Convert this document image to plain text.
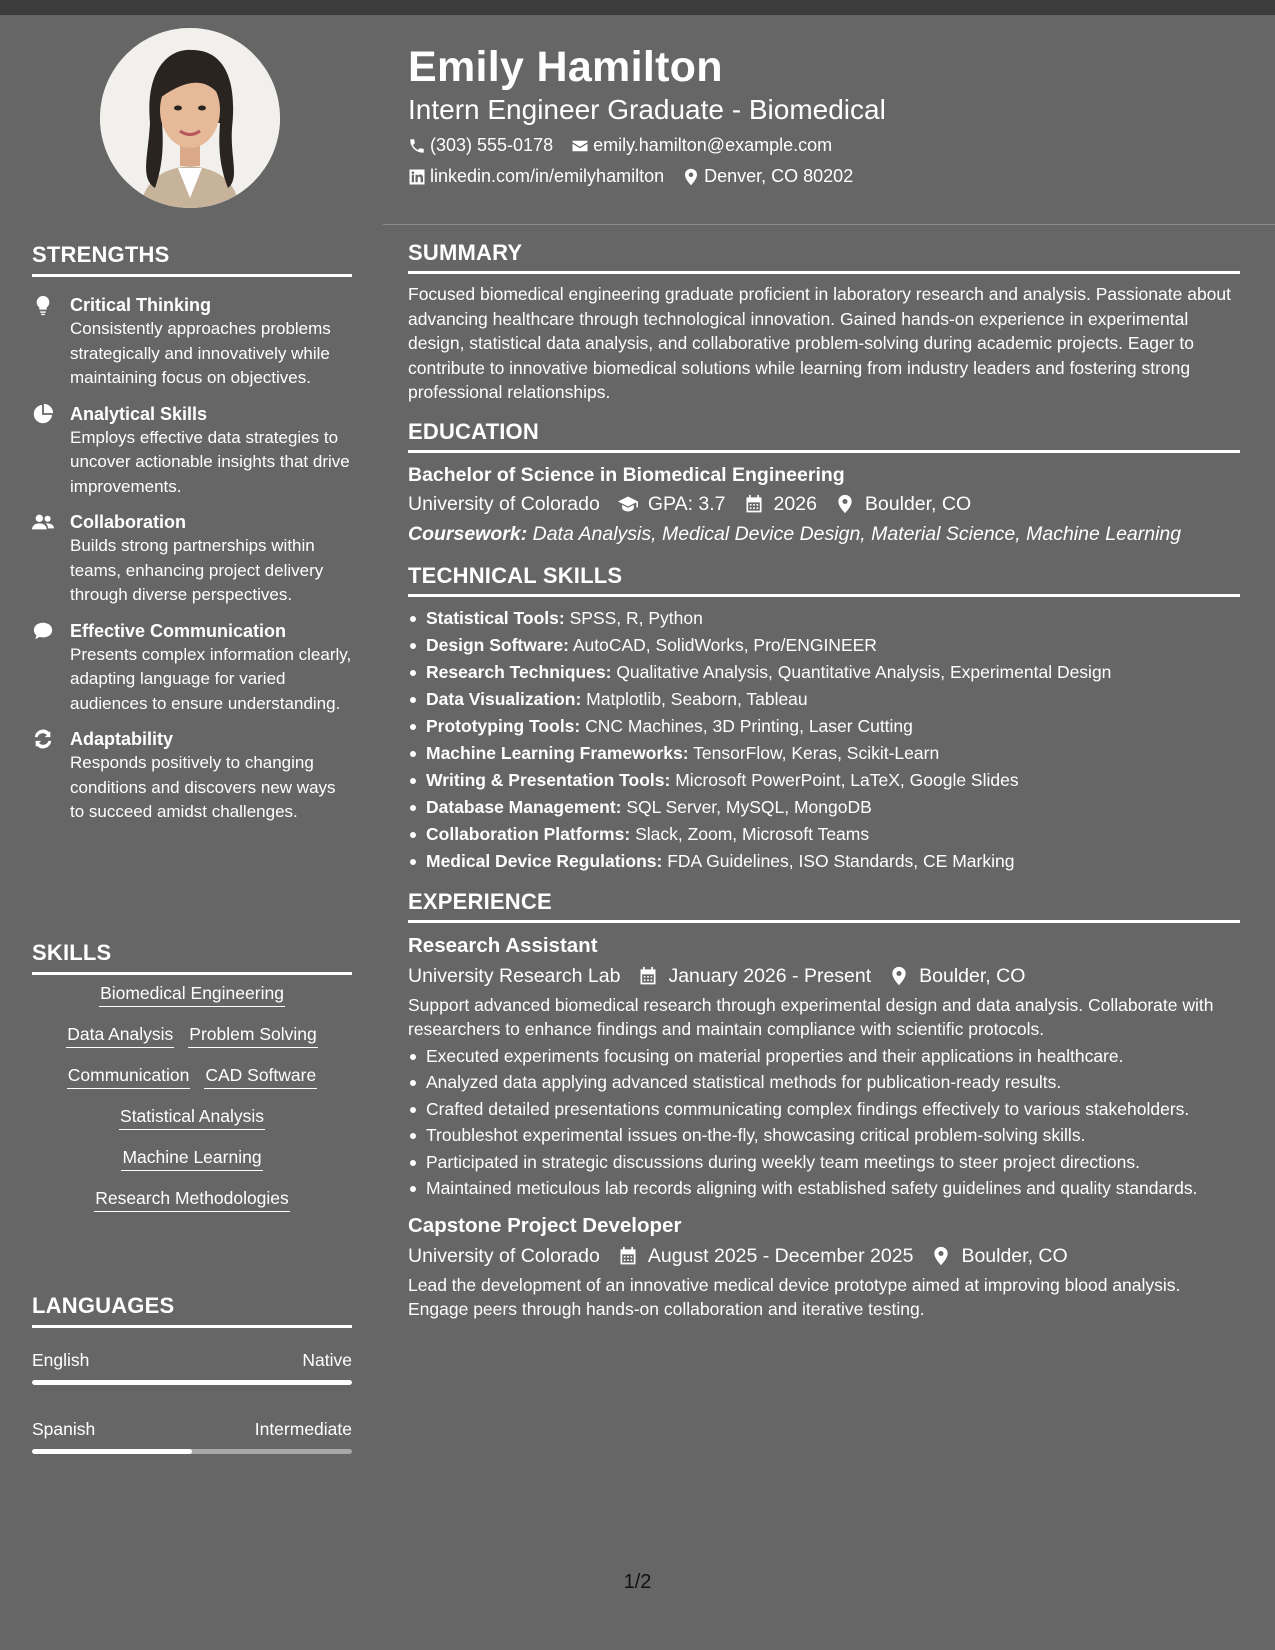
STRENGTHS
Critical Thinking
Consistently approaches problems strategically and innovatively while maintaining focus on objectives.
Analytical Skills
Employs effective data strategies to uncover actionable insights that drive improvements.
Collaboration
Builds strong partnerships within teams, enhancing project delivery through diverse perspectives.
Effective Communication
Presents complex information clearly, adapting language for varied audiences to ensure understanding.
Adaptability
Responds positively to changing conditions and discovers new ways to succeed amidst challenges.
SKILLS
Biomedical Engineering
Data Analysis Problem Solving
Communication CAD Software
Statistical Analysis
Machine Learning
Research Methodologies
LANGUAGES
English	Native
Spanish	Intermediate
Emily Hamilton
Intern Engineer Graduate - Biomedical
(303) 555-0178 emily.hamilton@example.com
linkedin.com/in/emilyhamilton Denver, CO 80202
SUMMARY
Focused biomedical engineering graduate proficient in laboratory research and analysis. Passionate about advancing healthcare through technological innovation. Gained hands-on experience in experimental design, statistical data analysis, and collaborative problem-solving during academic projects. Eager to contribute to innovative biomedical solutions while learning from industry leaders and fostering strong professional relationships.
EDUCATION
Bachelor of Science in Biomedical Engineering
University of Colorado GPA: 3.7 2026 Boulder, CO
Coursework: Data Analysis, Medical Device Design, Material Science, Machine Learning
TECHNICAL SKILLS
Statistical Tools: SPSS, R, Python
Design Software: AutoCAD, SolidWorks, Pro/ENGINEER
Research Techniques: Qualitative Analysis, Quantitative Analysis, Experimental Design
Data Visualization: Matplotlib, Seaborn, Tableau
Prototyping Tools: CNC Machines, 3D Printing, Laser Cutting
Machine Learning Frameworks: TensorFlow, Keras, Scikit-Learn
Writing & Presentation Tools: Microsoft PowerPoint, LaTeX, Google Slides
Database Management: SQL Server, MySQL, MongoDB
Collaboration Platforms: Slack, Zoom, Microsoft Teams
Medical Device Regulations: FDA Guidelines, ISO Standards, CE Marking
EXPERIENCE
Research Assistant
University Research Lab January 2026 - Present Boulder, CO
Support advanced biomedical research through experimental design and data analysis. Collaborate with researchers to enhance findings and maintain compliance with scientific protocols.
Executed experiments focusing on material properties and their applications in healthcare.
Analyzed data applying advanced statistical methods for publication-ready results.
Crafted detailed presentations communicating complex findings effectively to various stakeholders.
Troubleshot experimental issues on-the-fly, showcasing critical problem-solving skills.
Participated in strategic discussions during weekly team meetings to steer project directions.
Maintained meticulous lab records aligning with established safety guidelines and quality standards.
Capstone Project Developer
University of Colorado August 2025 - December 2025 Boulder, CO
Lead the development of an innovative medical device prototype aimed at improving blood analysis. Engage peers through hands-on collaboration and iterative testing.
1/2
